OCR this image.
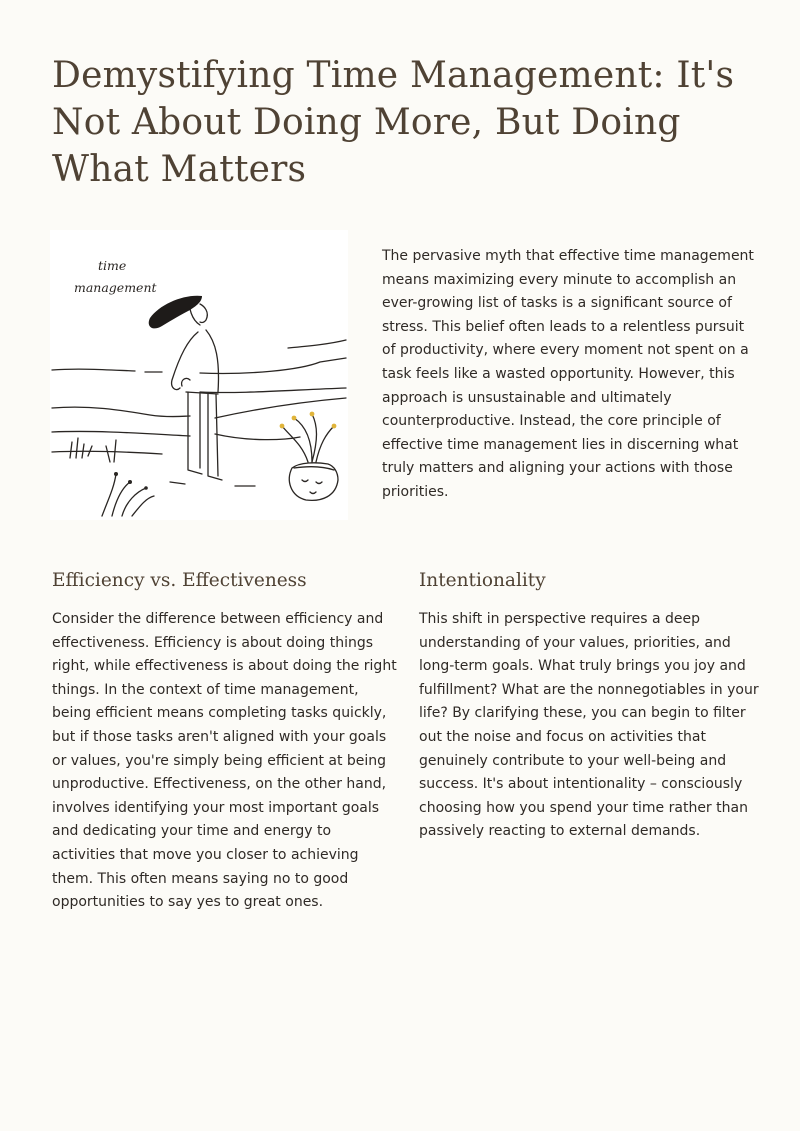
Demystifying Time Management: It's Not About Doing More, But Doing What Matters
time
management

The pervasive myth that effective time management means maximizing every minute to accomplish an ever-growing list of tasks is a significant source of stress. This belief often leads to a relentless pursuit of productivity, where every moment not spent on a task feels like a wasted opportunity. However, this approach is unsustainable and ultimately counterproductive. Instead, the core principle of effective time management lies in discerning what truly matters and aligning your actions with those priorities.

Efficiency vs. Effectiveness

Consider the difference between efficiency and effectiveness. Efficiency is about doing things right, while effectiveness is about doing the right things. In the context of time management, being efficient means completing tasks quickly, but if those tasks aren't aligned with your goals or values, you're simply being efficient at being unproductive. Effectiveness, on the other hand, involves identifying your most important goals and dedicating your time and energy to activities that move you closer to achieving them. This often means saying no to good opportunities to say yes to great ones.

Intentionality

This shift in perspective requires a deep understanding of your values, priorities, and long-term goals. What truly brings you joy and fulfillment? What are the nonnegotiables in your life? By clarifying these, you can begin to filter out the noise and focus on activities that genuinely contribute to your well-being and success. It's about intentionality – consciously choosing how you spend your time rather than passively reacting to external demands.
